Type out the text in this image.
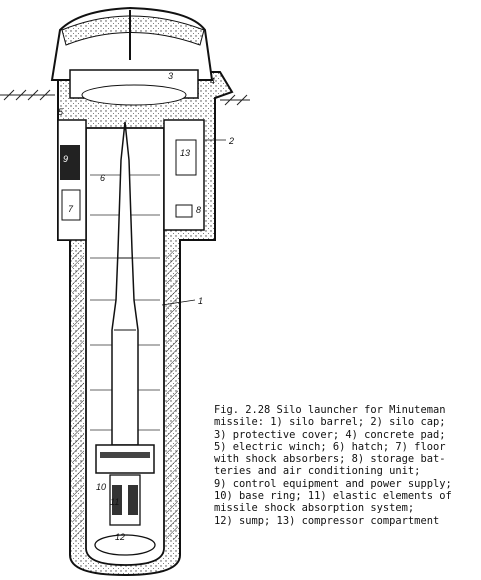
1
2
3	4
5
6
7	8
9
10
11
12
13
Fig. 2.28 Silo launcher for Minuteman
missile: 1) silo barrel; 2) silo cap;
3) protective cover; 4) concrete pad;
5) electric winch; 6) hatch; 7) floor
with shock absorbers; 8) storage bat-
teries and air conditioning unit;
9) control equipment and power supply;
10) base ring; 11) elastic elements of
missile shock absorption system;
12) sump; 13) compressor compartment
